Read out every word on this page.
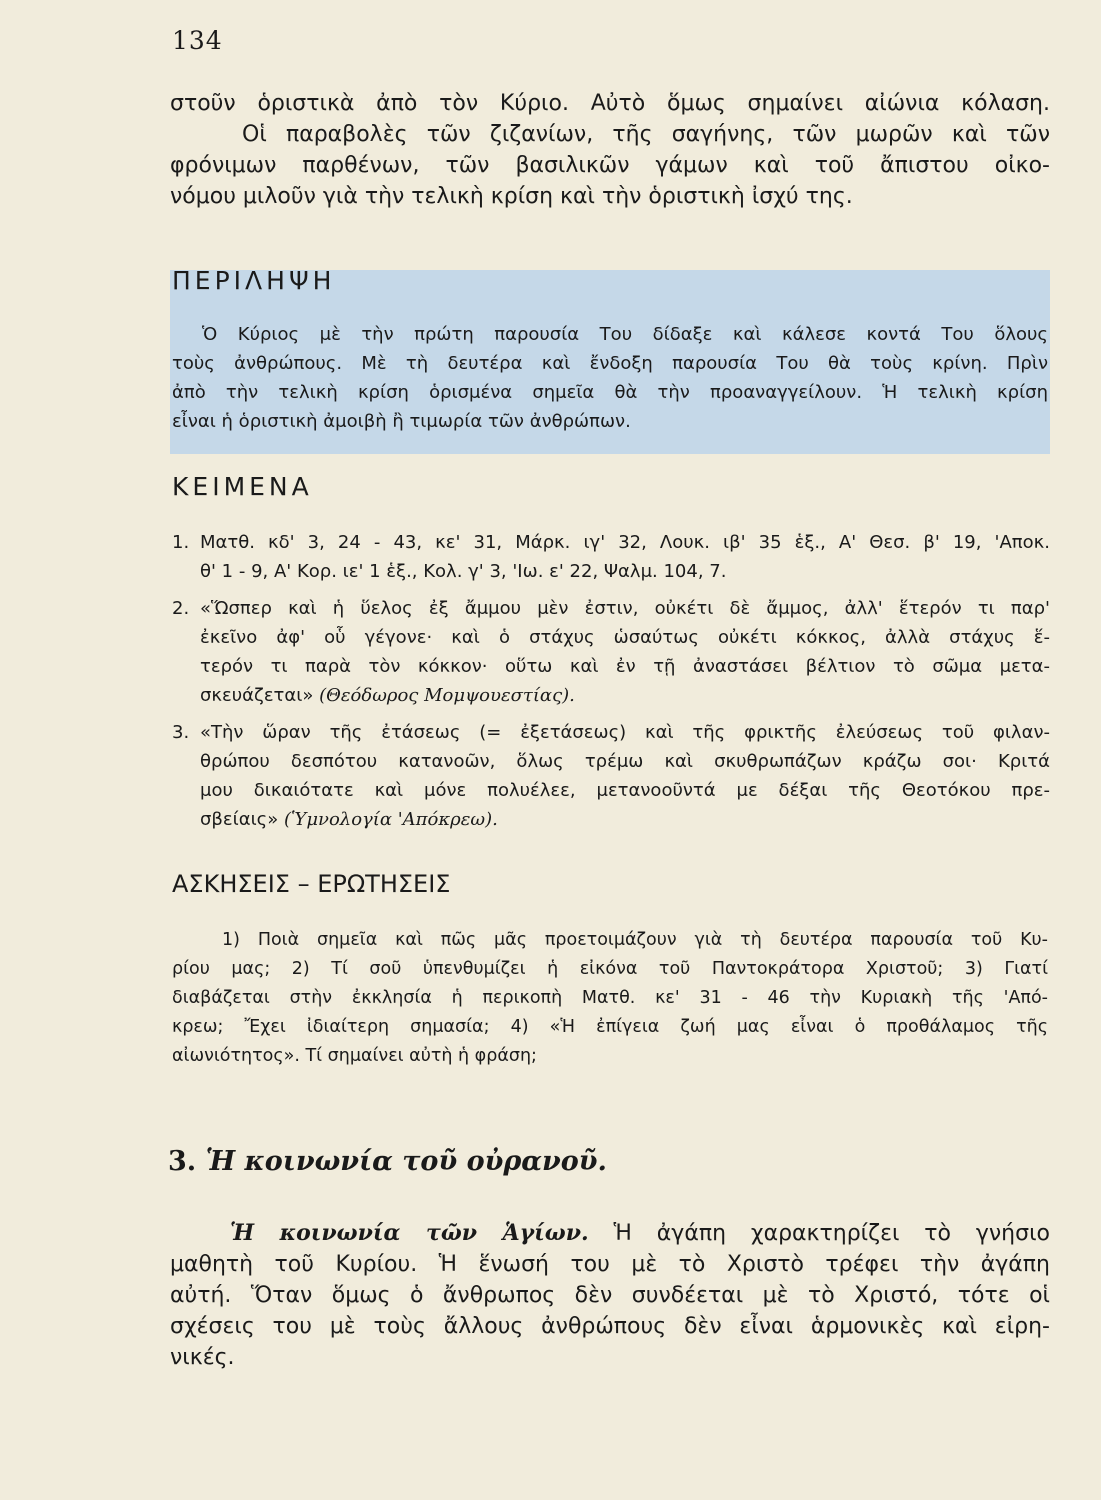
134
στοῦν ὁριστικὰ ἀπὸ τὸν Κύριο. Αὐτὸ ὅμως σημαίνει αἰώνια κόλαση.
Οἱ παραβολὲς τῶν ζιζανίων, τῆς σαγήνης, τῶν μωρῶν καὶ τῶν
φρόνιμων παρθένων, τῶν βασιλικῶν γάμων καὶ τοῦ ἄπιστου οἰκο-
νόμου μιλοῦν γιὰ τὴν τελικὴ κρίση καὶ τὴν ὁριστικὴ ἰσχύ της.
ΠΕΡΙΛΗΨΗ
Ὁ Κύριος μὲ τὴν πρώτη παρουσία Του δίδαξε καὶ κάλεσε κοντά Του ὅλους
τοὺς ἀνθρώπους. Μὲ τὴ δευτέρα καὶ ἔνδοξη παρουσία Του θὰ τοὺς κρίνη. Πρὶν
ἀπὸ τὴν τελικὴ κρίση ὁρισμένα σημεῖα θὰ τὴν προαναγγείλουν. Ἡ τελικὴ κρίση
εἶναι ἡ ὁριστικὴ ἀμοιβὴ ἢ τιμωρία τῶν ἀνθρώπων.
ΚΕΙΜΕΝΑ
1. Ματθ. κδ' 3, 24 - 43, κε' 31, Μάρκ. ιγ' 32, Λουκ. ιβ' 35 ἑξ., Α' Θεσ. β' 19, 'Αποκ.
θ' 1 - 9, Α' Κορ. ιε' 1 ἑξ., Κολ. γ' 3, 'Ιω. ε' 22, Ψαλμ. 104, 7.
2. «Ὥσπερ καὶ ἡ ὕελος ἐξ ἄμμου μὲν ἐστιν, οὐκέτι δὲ ἄμμος, ἀλλ' ἕτερόν τι παρ'
ἐκεῖνο ἀφ' οὗ γέγονε· καὶ ὁ στάχυς ὡσαύτως οὐκέτι κόκκος, ἀλλὰ στάχυς ἕ-
τερόν τι παρὰ τὸν κόκκον· οὕτω καὶ ἐν τῇ ἀναστάσει βέλτιον τὸ σῶμα μετα-
σκευάζεται» (Θεόδωρος Μομψουεστίας).
3. «Τὴν ὥραν τῆς ἐτάσεως (= ἐξετάσεως) καὶ τῆς φρικτῆς ἐλεύσεως τοῦ φιλαν-
θρώπου δεσπότου κατανοῶν, ὅλως τρέμω καὶ σκυθρωπάζων κράζω σοι· Κριτά
μου δικαιότατε καὶ μόνε πολυέλεε, μετανοοῦντά με δέξαι τῆς Θεοτόκου πρε-
σβείαις» (Ὑμνολογία 'Απόκρεω).
ΑΣΚΗΣΕΙΣ – ΕΡΩΤΗΣΕΙΣ
1) Ποιὰ σημεῖα καὶ πῶς μᾶς προετοιμάζουν γιὰ τὴ δευτέρα παρουσία τοῦ Κυ-
ρίου μας; 2) Τί σοῦ ὑπενθυμίζει ἡ εἰκόνα τοῦ Παντοκράτορα Χριστοῦ; 3) Γιατί
διαβάζεται στὴν ἐκκλησία ἡ περικοπὴ Ματθ. κε' 31 - 46 τὴν Κυριακὴ τῆς 'Από-
κρεω; Ἔχει ἰδιαίτερη σημασία; 4) «Ἡ ἐπίγεια ζωή μας εἶναι ὁ προθάλαμος τῆς
αἰωνιότητος». Τί σημαίνει αὐτὴ ἡ φράση;
3. Ἡ κοινωνία τοῦ οὐρανοῦ.
Ἡ κοινωνία τῶν Ἁγίων. Ἡ ἀγάπη χαρακτηρίζει τὸ γνήσιο
μαθητὴ τοῦ Κυρίου. Ἡ ἕνωσή του μὲ τὸ Χριστὸ τρέφει τὴν ἀγάπη
αὐτή. Ὅταν ὅμως ὁ ἄνθρωπος δὲν συνδέεται μὲ τὸ Χριστό, τότε οἱ
σχέσεις του μὲ τοὺς ἄλλους ἀνθρώπους δὲν εἶναι ἁρμονικὲς καὶ εἰρη-
νικές.
